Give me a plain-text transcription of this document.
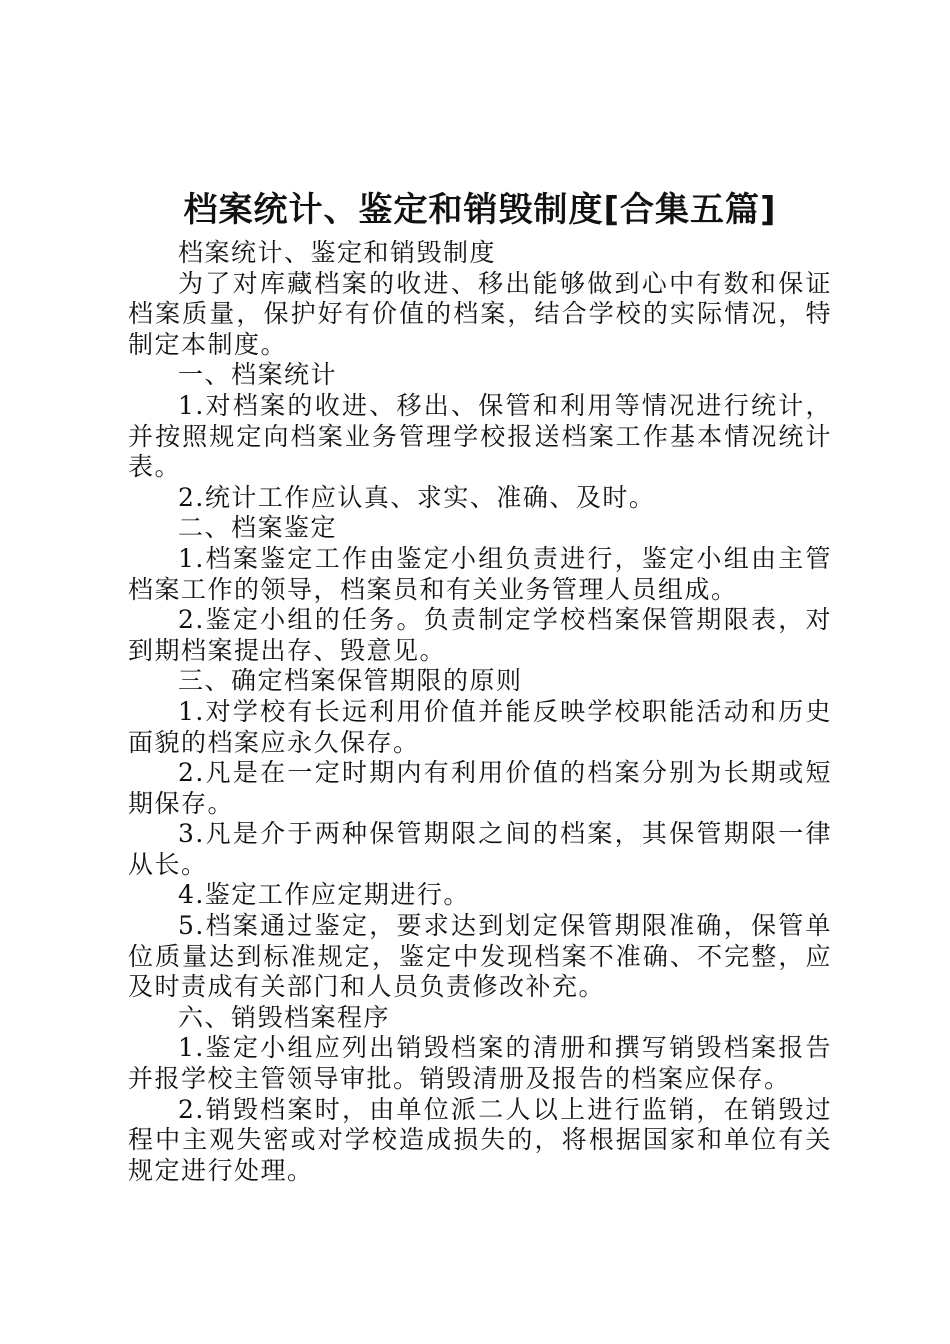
档案统计、鉴定和销毁制度[合集五篇]

档案统计、鉴定和销毁制度

为了对库藏档案的收进、移出能够做到心中有数和保证档案质量，保护好有价值的档案，结合学校的实际情况，特制定本制度。

一、档案统计

1.对档案的收进、移出、保管和利用等情况进行统计，并按照规定向档案业务管理学校报送档案工作基本情况统计表。

2.统计工作应认真、求实、准确、及时。

二、档案鉴定

1.档案鉴定工作由鉴定小组负责进行，鉴定小组由主管档案工作的领导，档案员和有关业务管理人员组成。

2.鉴定小组的任务。负责制定学校档案保管期限表，对到期档案提出存、毁意见。

三、确定档案保管期限的原则

1.对学校有长远利用价值并能反映学校职能活动和历史面貌的档案应永久保存。

2.凡是在一定时期内有利用价值的档案分别为长期或短期保存。

3.凡是介于两种保管期限之间的档案，其保管期限一律从长。

4.鉴定工作应定期进行。

5.档案通过鉴定，要求达到划定保管期限准确，保管单位质量达到标准规定，鉴定中发现档案不准确、不完整，应及时责成有关部门和人员负责修改补充。

六、销毁档案程序

1.鉴定小组应列出销毁档案的清册和撰写销毁档案报告并报学校主管领导审批。销毁清册及报告的档案应保存。

2.销毁档案时，由单位派二人以上进行监销，在销毁过程中主观失密或对学校造成损失的，将根据国家和单位有关规定进行处理。
